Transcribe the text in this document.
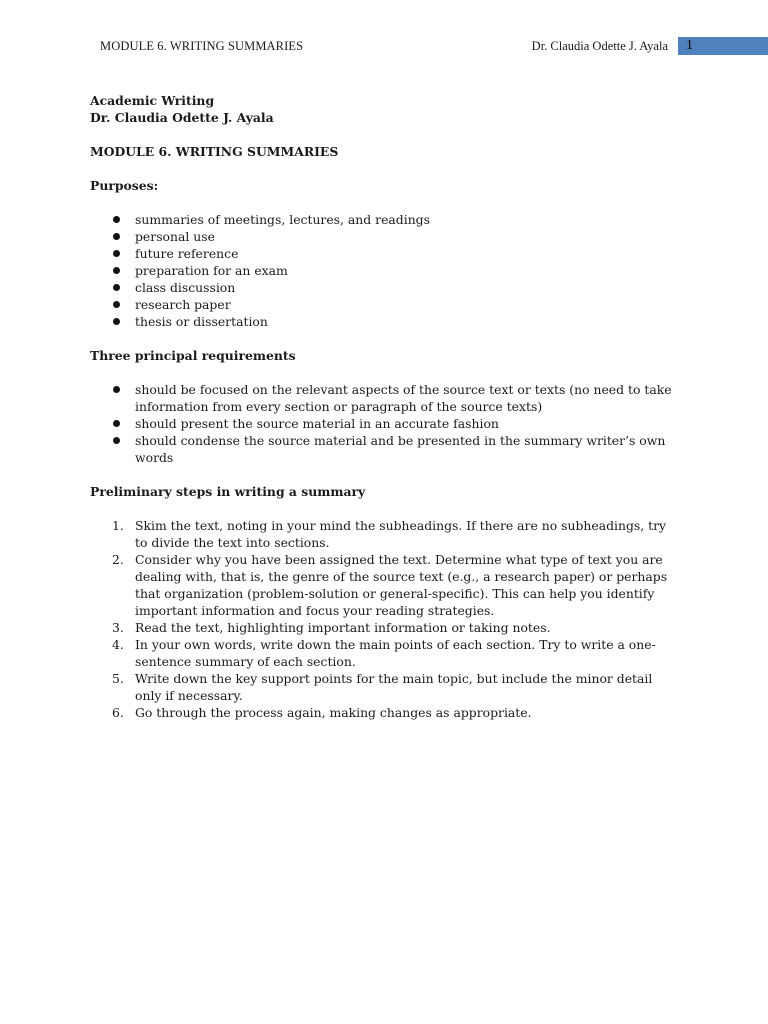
MODULE 6. WRITING SUMMARIES	Dr. Claudia Odette J. Ayala 1

Academic Writing

Dr. Claudia Odette J. Ayala

MODULE 6. WRITING SUMMARIES

Purposes:

summaries of meetings, lectures, and readings
personal use
future reference
preparation for an exam
class discussion
research paper
thesis or dissertation

Three principal requirements

should be focused on the relevant aspects of the source text or texts (no need to take information from every section or paragraph of the source texts)
should present the source material in an accurate fashion
should condense the source material and be presented in the summary writer’s own words

Preliminary steps in writing a summary

1. Skim the text, noting in your mind the subheadings. If there are no subheadings, try to divide the text into sections.
2. Consider why you have been assigned the text. Determine what type of text you are dealing with, that is, the genre of the source text (e.g., a research paper) or perhaps that organization (problem-solution or general-specific). This can help you identify important information and focus your reading strategies.
3. Read the text, highlighting important information or taking notes.
4. In your own words, write down the main points of each section. Try to write a one-sentence summary of each section.
5. Write down the key support points for the main topic, but include the minor detail only if necessary.
6. Go through the process again, making changes as appropriate.
